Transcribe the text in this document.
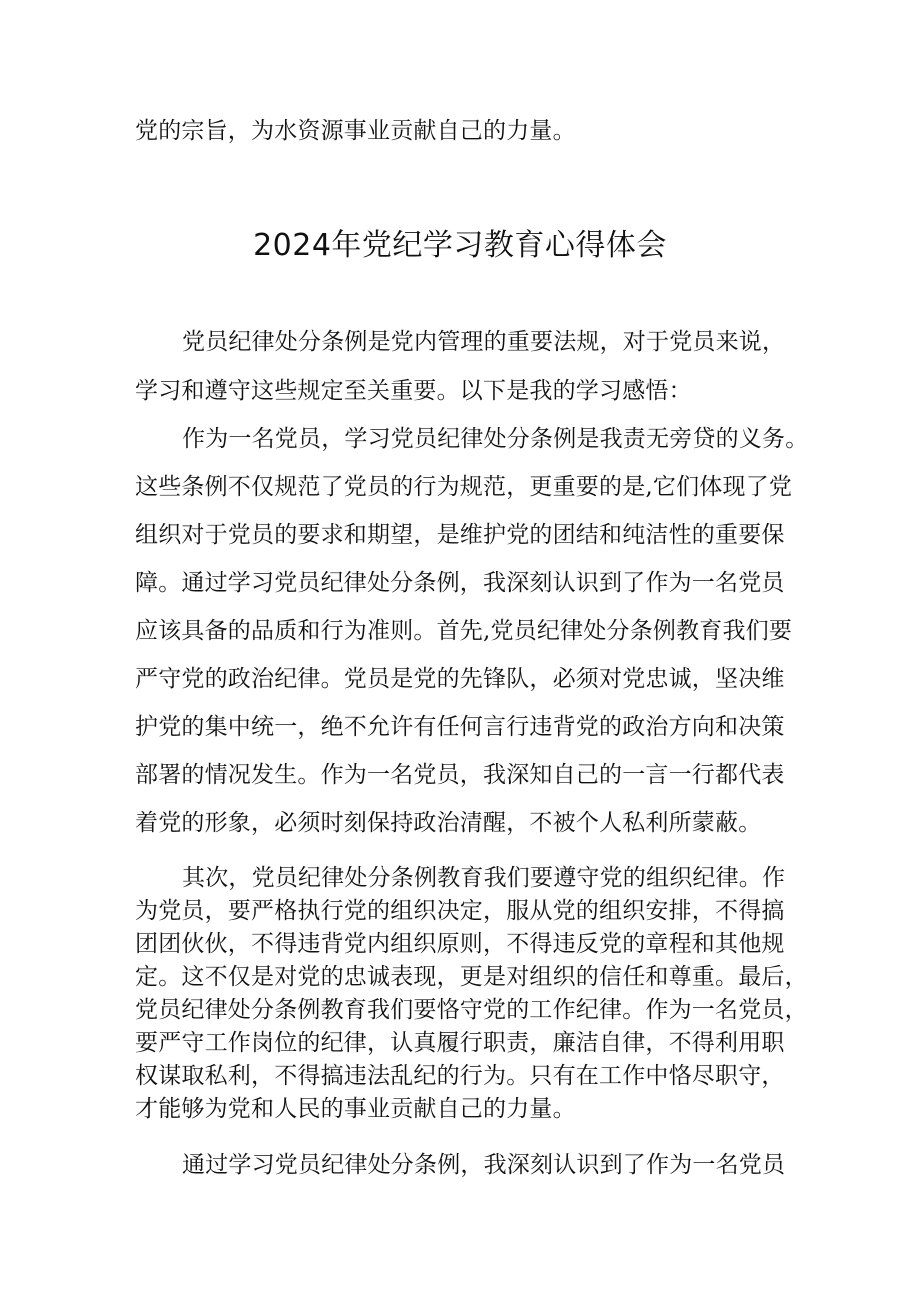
党的宗旨，为水资源事业贡献自己的力量。
2024年党纪学习教育心得体会
党员纪律处分条例是党内管理的重要法规，对于党员来说，
学习和遵守这些规定至关重要。以下是我的学习感悟：
作为一名党员，学习党员纪律处分条例是我责无旁贷的义务。
这些条例不仅规范了党员的行为规范，更重要的是,它们体现了党
组织对于党员的要求和期望，是维护党的团结和纯洁性的重要保
障。通过学习党员纪律处分条例，我深刻认识到了作为一名党员
应该具备的品质和行为准则。首先,党员纪律处分条例教育我们要
严守党的政治纪律。党员是党的先锋队，必须对党忠诚，坚决维
护党的集中统一，绝不允许有任何言行违背党的政治方向和决策
部署的情况发生。作为一名党员，我深知自己的一言一行都代表
着党的形象，必须时刻保持政治清醒，不被个人私利所蒙蔽。
其次，党员纪律处分条例教育我们要遵守党的组织纪律。作
为党员，要严格执行党的组织决定，服从党的组织安排，不得搞
团团伙伙，不得违背党内组织原则，不得违反党的章程和其他规
定。这不仅是对党的忠诚表现，更是对组织的信任和尊重。最后，
党员纪律处分条例教育我们要恪守党的工作纪律。作为一名党员，
要严守工作岗位的纪律，认真履行职责，廉洁自律，不得利用职
权谋取私利，不得搞违法乱纪的行为。只有在工作中恪尽职守，
才能够为党和人民的事业贡献自己的力量。
通过学习党员纪律处分条例，我深刻认识到了作为一名党员
